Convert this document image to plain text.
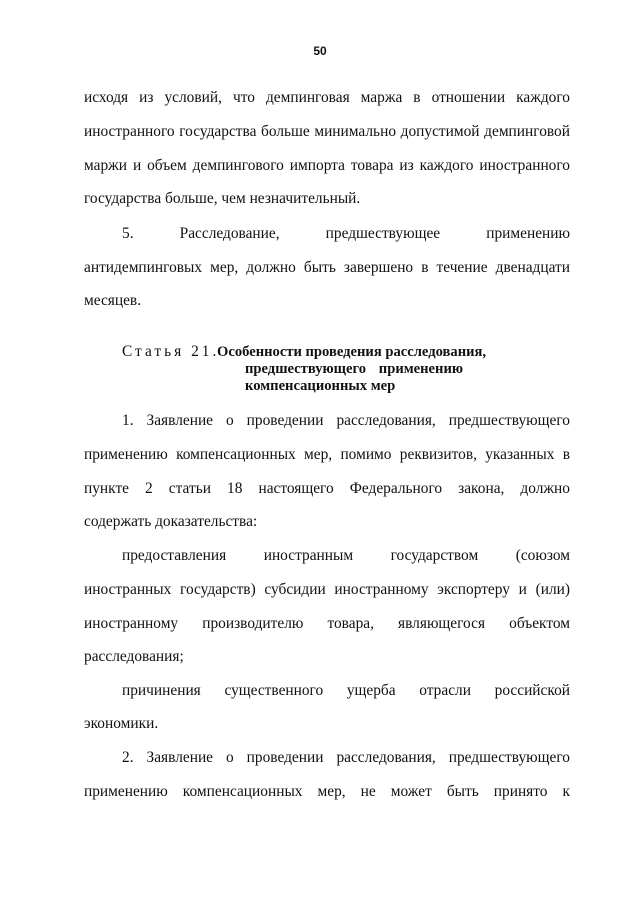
50
исходя из условий, что демпинговая маржа в отношении каждого
иностранного государства больше минимально допустимой демпинговой
маржи и объем демпингового импорта товара из каждого иностранного
государства больше, чем незначительный.
5. Расследование, предшествующее применению
антидемпинговых мер, должно быть завершено в течение двенадцати
месяцев.
Статья 21.
Особенности проведения расследования,
предшествующего применению
компенсационных мер
1. Заявление о проведении расследования, предшествующего
применению компенсационных мер, помимо реквизитов, указанных в
пункте 2 статьи 18 настоящего Федерального закона, должно
содержать доказательства:
предоставления иностранным государством (союзом
иностранных государств) субсидии иностранному экспортеру и (или)
иностранному производителю товара, являющегося объектом
расследования;
причинения существенного ущерба отрасли российской
экономики.
2. Заявление о проведении расследования, предшествующего
применению компенсационных мер, не может быть принято к
